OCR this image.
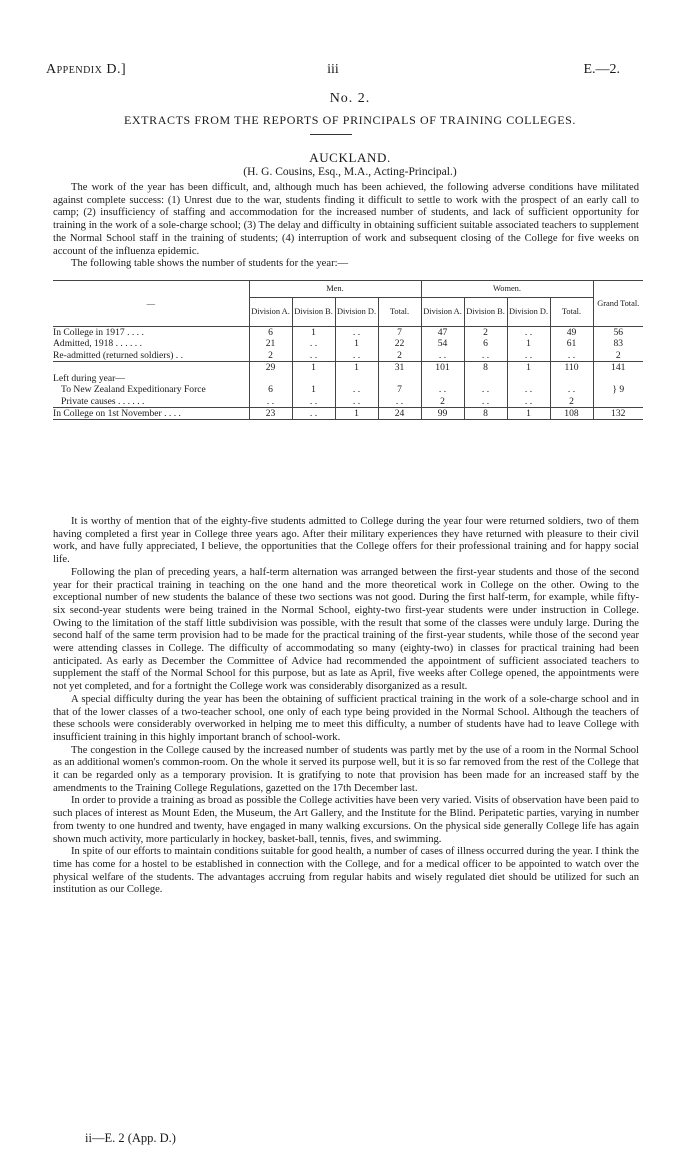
Appendix D.]	iii	E.—2.
No. 2.
EXTRACTS FROM THE REPORTS OF PRINCIPALS OF TRAINING COLLEGES.
AUCKLAND.
(H. G. Cousins, Esq., M.A., Acting-Principal.)

The work of the year has been difficult, and, although much has been achieved, the following adverse conditions have militated against complete success: (1) Unrest due to the war, students finding it difficult to settle to work with the prospect of an early call to camp; (2) insufficiency of staffing and accommodation for the increased number of students, and lack of sufficient opportunity for training in the work of a sole-charge school; (3) The delay and difficulty in obtaining sufficient suitable associated teachers to supplement the Normal School staff in the training of students; (4) interruption of work and subsequent closing of the College for five weeks on account of the influenza epidemic.

The following table shows the number of students for the year:—

—	Men.				Women.				Grand Total.
	Division A.	Division B.	Division D.	Total.	Division A.	Division B.	Division D.	Total.	
In College in 1917 . . . .	6	1	. .	7	47	2	. .	49	56
Admitted, 1918 . . . . . .	21	. .	1	22	54	6	1	61	83
Re-admitted (returned soldiers) . .	2	. .	. .	2	. .	. .	. .	. .	2
	29	1	1	31	101	8	1	110	141
Left during year—									
To New Zealand Expeditionary Force	6	1	. .	7	. .	. .	. .	. .	} 9
Private causes . . . . . .	. .	. .	. .	. .	2	. .	. .	2	
In College on 1st November . . . .	23	. .	1	24	99	8	1	108	132

It is worthy of mention that of the eighty-five students admitted to College during the year four were returned soldiers, two of them having completed a first year in College three years ago. After their military experiences they have returned with pleasure to their civil work, and have fully appreciated, I believe, the opportunities that the College offers for their professional training and for happy social life.

Following the plan of preceding years, a half-term alternation was arranged between the first-year students and those of the second year for their practical training in teaching on the one hand and the more theoretical work in College on the other. Owing to the exceptional number of new students the balance of these two sections was not good. During the first half-term, for example, while fifty-six second-year students were being trained in the Normal School, eighty-two first-year students were under instruction in College. Owing to the limitation of the staff little subdivision was possible, with the result that some of the classes were unduly large. During the second half of the same term provision had to be made for the practical training of the first-year students, while those of the second year were attending classes in College. The difficulty of accommodating so many (eighty-two) in classes for practical training had been anticipated. As early as December the Committee of Advice had recommended the appointment of sufficient associated teachers to supplement the staff of the Normal School for this purpose, but as late as April, five weeks after College opened, the appointments were not yet completed, and for a fortnight the College work was considerably disorganized as a result.

A special difficulty during the year has been the obtaining of sufficient practical training in the work of a sole-charge school and in that of the lower classes of a two-teacher school, one only of each type being provided in the Normal School. Although the teachers of these schools were considerably overworked in helping me to meet this difficulty, a number of students have had to leave College with insufficient training in this highly important branch of school-work.

The congestion in the College caused by the increased number of students was partly met by the use of a room in the Normal School as an additional women's common-room. On the whole it served its purpose well, but it is so far removed from the rest of the College that it can be regarded only as a temporary provision. It is gratifying to note that provision has been made for an increased staff by the amendments to the Training College Regulations, gazetted on the 17th December last.

In order to provide a training as broad as possible the College activities have been very varied. Visits of observation have been paid to such places of interest as Mount Eden, the Museum, the Art Gallery, and the Institute for the Blind. Peripatetic parties, varying in number from twenty to one hundred and twenty, have engaged in many walking excursions. On the physical side generally College life has again shown much activity, more particularly in hockey, basket-ball, tennis, fives, and swimming.

In spite of our efforts to maintain conditions suitable for good health, a number of cases of illness occurred during the year. I think the time has come for a hostel to be established in connection with the College, and for a medical officer to be appointed to watch over the physical welfare of the students. The advantages accruing from regular habits and wisely regulated diet should be utilized for such an institution as our College.

ii—E. 2 (App. D.)
